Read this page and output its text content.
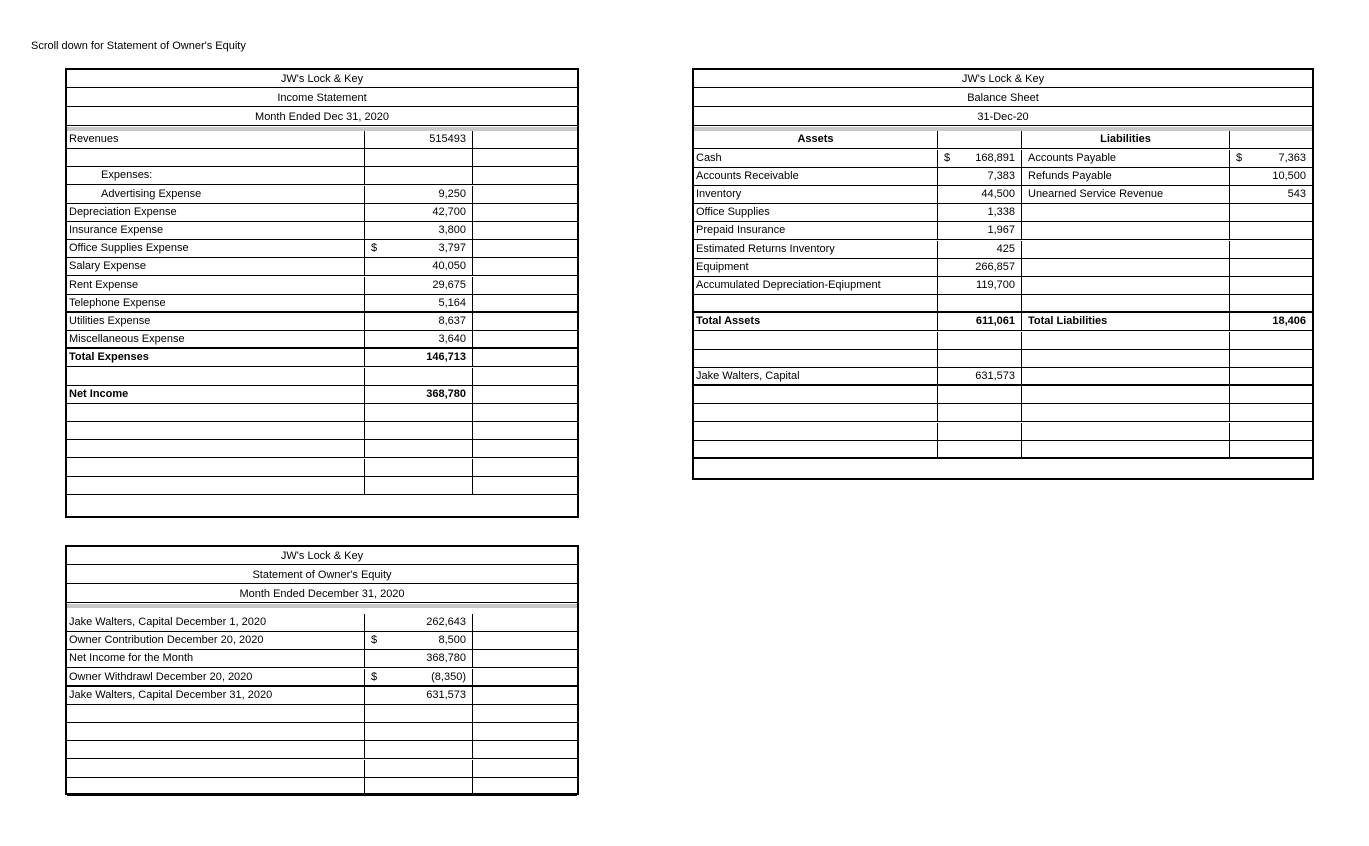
Scroll down for Statement of Owner's Equity
JW's Lock & Key
Income Statement
Month Ended Dec 31, 2020
Revenues	515493
Expenses:
Advertising Expense	9,250
Depreciation Expense	42,700
Insurance Expense	3,800
Office Supplies Expense	$	3,797
Salary Expense	40,050
Rent Expense	29,675
Telephone Expense	5,164
Utilities Expense	8,637
Miscellaneous Expense	3,640
Total Expenses	146,713
Net Income	368,780
JW's Lock & Key
Statement of Owner's Equity
Month Ended December 31, 2020
Jake Walters, Capital December 1, 2020	262,643
Owner Contribution December 20, 2020	$	8,500
Net Income for the Month	368,780
Owner Withdrawl December 20, 2020	$	(8,350)
Jake Walters, Capital December 31, 2020	631,573
JW's Lock & Key
Balance Sheet
31-Dec-20
Assets	Liabilities
Cash	$ 168,891	Accounts Payable	$	7,363
Accounts Receivable	7,383	Refunds Payable	10,500
Inventory	44,500	Unearned Service Revenue	543
Office Supplies	1,338
Prepaid Insurance	1,967
Estimated Returns Inventory	425
Equipment	266,857
Accumulated Depreciation-Eqiupment	119,700
Total Assets	611,061	Total Liabilities	18,406
Jake Walters, Capital	631,573
